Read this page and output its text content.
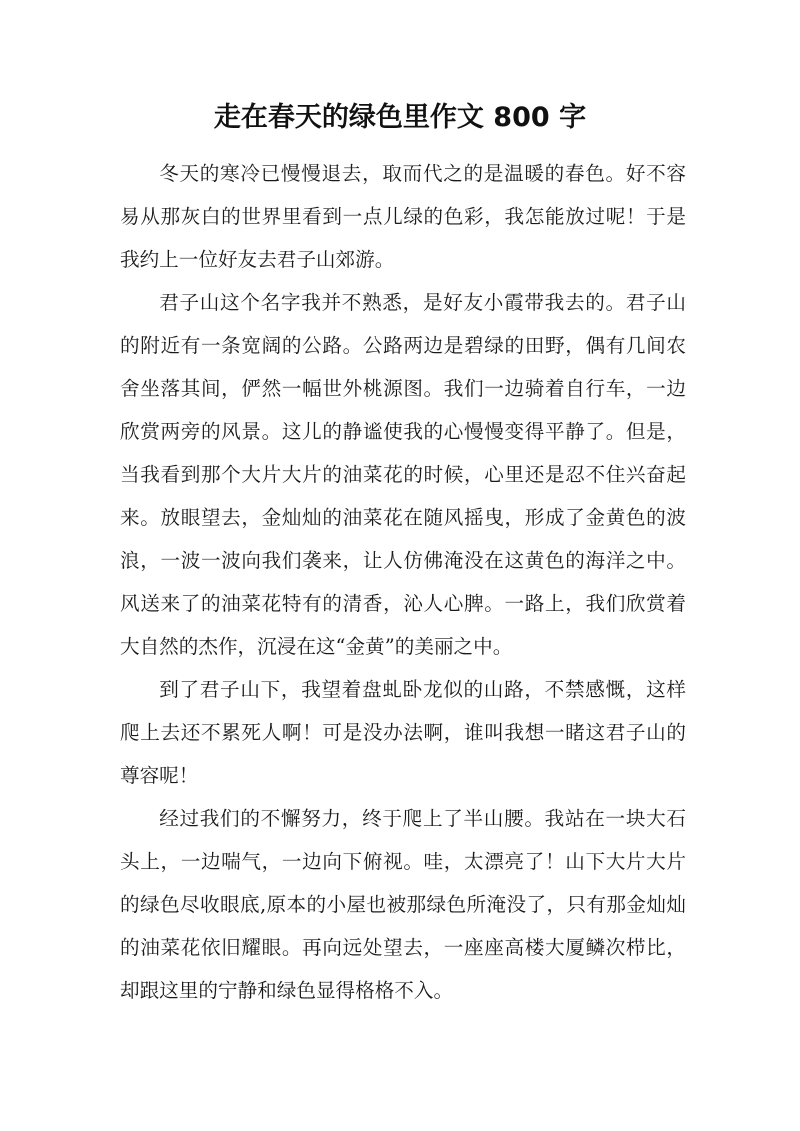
走在春天的绿色里作文 800 字

冬天的寒冷已慢慢退去，取而代之的是温暖的春色。好不容易从那灰白的世界里看到一点儿绿的色彩，我怎能放过呢！于是我约上一位好友去君子山郊游。

君子山这个名字我并不熟悉，是好友小霞带我去的。君子山的附近有一条宽阔的公路。公路两边是碧绿的田野，偶有几间农舍坐落其间，俨然一幅世外桃源图。我们一边骑着自行车，一边欣赏两旁的风景。这儿的静谧使我的心慢慢变得平静了。但是，当我看到那个大片大片的油菜花的时候，心里还是忍不住兴奋起来。放眼望去，金灿灿的油菜花在随风摇曳，形成了金黄色的波浪，一波一波向我们袭来，让人仿佛淹没在这黄色的海洋之中。风送来了的油菜花特有的清香，沁人心脾。一路上，我们欣赏着大自然的杰作，沉浸在这“金黄”的美丽之中。

到了君子山下，我望着盘虬卧龙似的山路，不禁感慨，这样爬上去还不累死人啊！可是没办法啊，谁叫我想一睹这君子山的尊容呢！

经过我们的不懈努力，终于爬上了半山腰。我站在一块大石头上，一边喘气，一边向下俯视。哇，太漂亮了！山下大片大片的绿色尽收眼底,原本的小屋也被那绿色所淹没了，只有那金灿灿的油菜花依旧耀眼。再向远处望去，一座座高楼大厦鳞次栉比，却跟这里的宁静和绿色显得格格不入。
